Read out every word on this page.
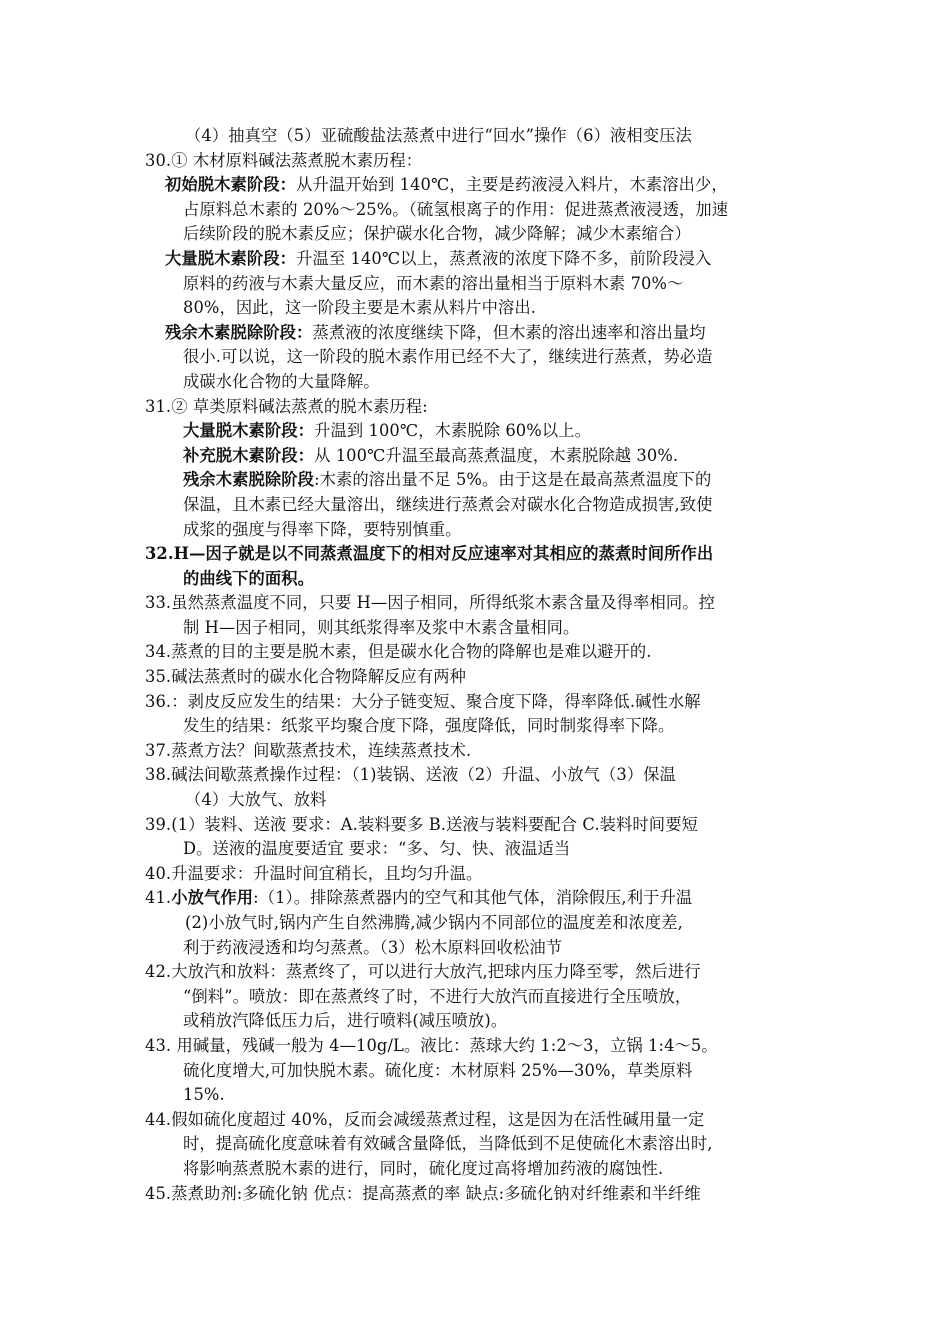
（4）抽真空（5）亚硫酸盐法蒸煮中进行“回水”操作（6）液相变压法
30.① 木材原料碱法蒸煮脱木素历程：
初始脱木素阶段：从升温开始到 140℃，主要是药液浸入料片，木素溶出少，
占原料总木素的 20%～25%。（硫氢根离子的作用：促进蒸煮液浸透，加速
后续阶段的脱木素反应；保护碳水化合物，减少降解；减少木素缩合）
大量脱木素阶段：升温至 140℃以上，蒸煮液的浓度下降不多，前阶段浸入
原料的药液与木素大量反应，而木素的溶出量相当于原料木素 70%～
80%，因此，这一阶段主要是木素从料片中溶出.
残余木素脱除阶段：蒸煮液的浓度继续下降，但木素的溶出速率和溶出量均
很小.可以说，这一阶段的脱木素作用已经不大了，继续进行蒸煮，势必造
成碳水化合物的大量降解。
31.② 草类原料碱法蒸煮的脱木素历程:
大量脱木素阶段：升温到 100℃，木素脱除 60%以上。
补充脱木素阶段：从 100℃升温至最高蒸煮温度，木素脱除越 30%.
残余木素脱除阶段:木素的溶出量不足 5%。由于这是在最高蒸煮温度下的
保温，且木素已经大量溶出，继续进行蒸煮会对碳水化合物造成损害,致使
成浆的强度与得率下降，要特别慎重。
32.H—因子就是以不同蒸煮温度下的相对反应速率对其相应的蒸煮时间所作出
的曲线下的面积。
33.虽然蒸煮温度不同，只要 H—因子相同，所得纸浆木素含量及得率相同。控
制 H—因子相同，则其纸浆得率及浆中木素含量相同。
34.蒸煮的目的主要是脱木素，但是碳水化合物的降解也是难以避开的.
35.碱法蒸煮时的碳水化合物降解反应有两种
36.：剥皮反应发生的结果：大分子链变短、聚合度下降，得率降低.碱性水解
发生的结果：纸浆平均聚合度下降，强度降低，同时制浆得率下降。
37.蒸煮方法？间歇蒸煮技术，连续蒸煮技术.
38.碱法间歇蒸煮操作过程：（1)装锅、送液（2）升温、小放气（3）保温
（4）大放气、放料
39.(1）装料、送液 要求：A.装料要多 B.送液与装料要配合 C.装料时间要短
D。送液的温度要适宜 要求：“多、匀、快、液温适当
40.升温要求：升温时间宜稍长，且均匀升温。
41.小放气作用:（1）。排除蒸煮器内的空气和其他气体，消除假压,利于升温
(2)小放气时,锅内产生自然沸腾,减少锅内不同部位的温度差和浓度差,
利于药液浸透和均匀蒸煮。（3）松木原料回收松油节
42.大放汽和放料：蒸煮终了，可以进行大放汽,把球内压力降至零，然后进行
“倒料”。喷放：即在蒸煮终了时，不进行大放汽而直接进行全压喷放，
或稍放汽降低压力后，进行喷料(减压喷放)。
43. 用碱量，残碱一般为 4—10g/L。液比：蒸球大约 1:2～3，立锅 1:4～5。
硫化度增大,可加快脱木素。硫化度：木材原料 25%—30%，草类原料
15%.
44.假如硫化度超过 40%，反而会减缓蒸煮过程，这是因为在活性碱用量一定
时，提高硫化度意味着有效碱含量降低，当降低到不足使硫化木素溶出时,
将影响蒸煮脱木素的进行，同时，硫化度过高将增加药液的腐蚀性.
45.蒸煮助剂:多硫化钠 优点：提高蒸煮的率 缺点:多硫化钠对纤维素和半纤维
